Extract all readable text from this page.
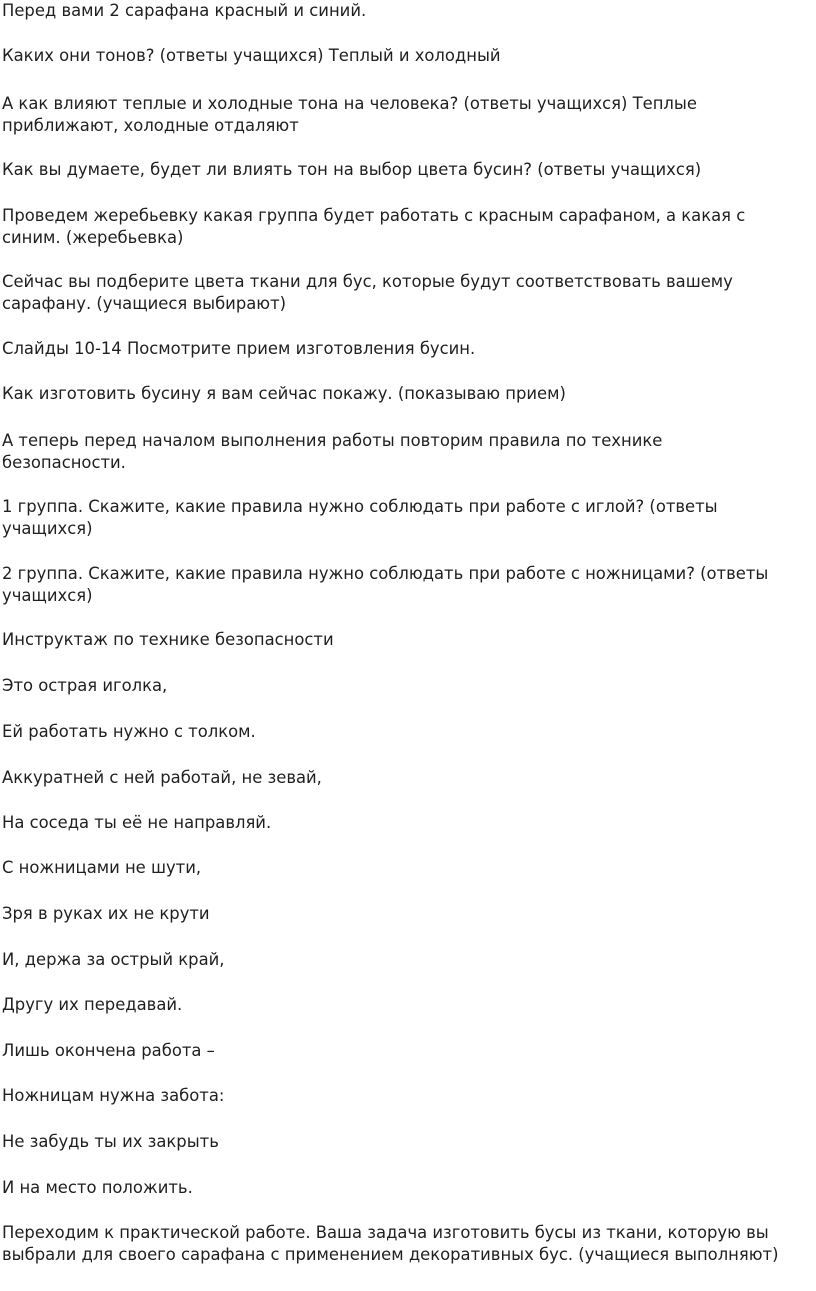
Перед вами 2 сарафана красный и синий.
Каких они тонов? (ответы учащихся) Теплый и холодный
А как влияют теплые и холодные тона на человека? (ответы учащихся) Теплые
приближают, холодные отдаляют
Как вы думаете, будет ли влиять тон на выбор цвета бусин? (ответы учащихся)
Проведем жеребьевку какая группа будет работать с красным сарафаном, а какая с
синим. (жеребьевка)
Сейчас вы подберите цвета ткани для бус, которые будут соответствовать вашему
сарафану. (учащиеся выбирают)
Слайды 10-14 Посмотрите прием изготовления бусин.
Как изготовить бусину я вам сейчас покажу. (показываю прием)
А теперь перед началом выполнения работы повторим правила по технике
безопасности.
1 группа. Скажите, какие правила нужно соблюдать при работе с иглой? (ответы
учащихся)
2 группа. Скажите, какие правила нужно соблюдать при работе с ножницами? (ответы
учащихся)
Инструктаж по технике безопасности
Это острая иголка,
Ей работать нужно с толком.
Аккуратней с ней работай, не зевай,
На соседа ты её не направляй.
С ножницами не шути,
Зря в руках их не крути
И, держа за острый край,
Другу их передавай.
Лишь окончена работа –
Ножницам нужна забота:
Не забудь ты их закрыть
И на место положить.
Переходим к практической работе. Ваша задача изготовить бусы из ткани, которую вы
выбрали для своего сарафана с применением декоративных бус. (учащиеся выполняют)
